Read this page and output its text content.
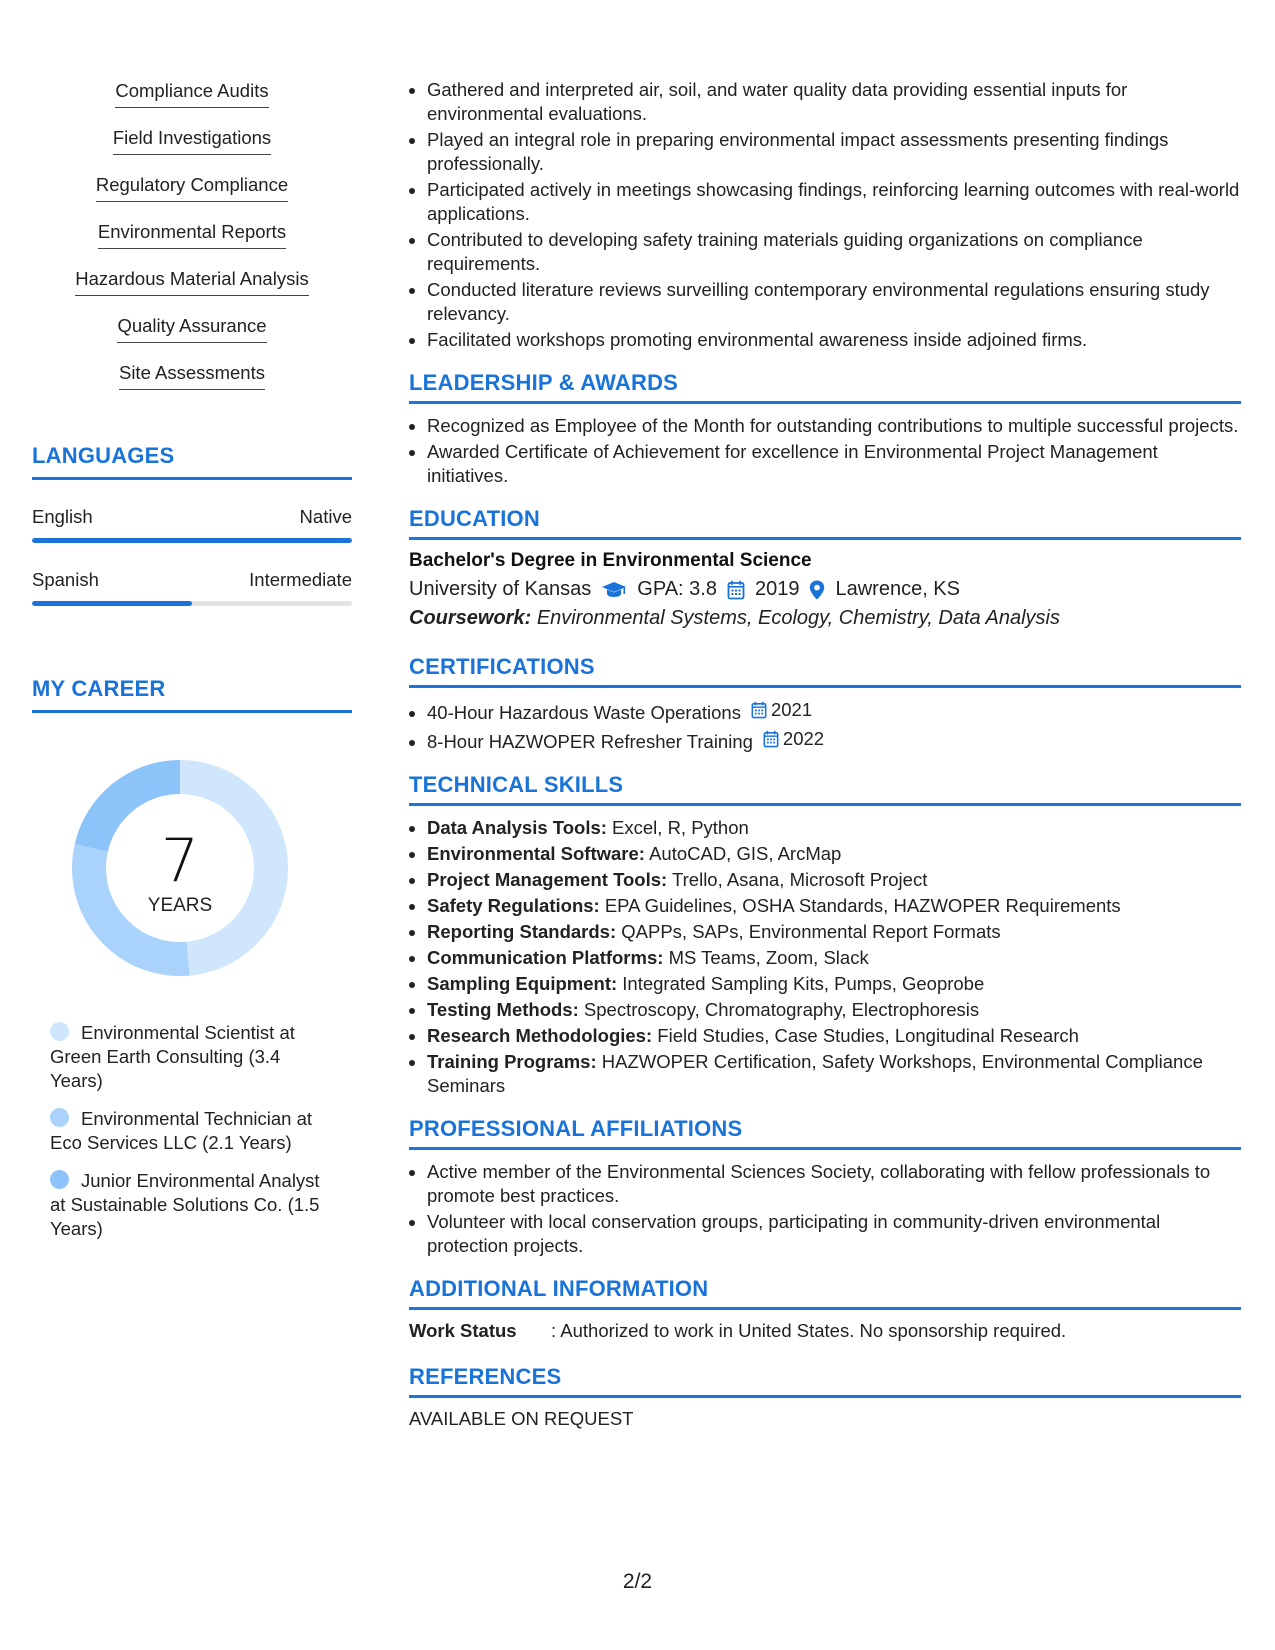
Compliance Audits
Field Investigations
Regulatory Compliance
Environmental Reports
Hazardous Material Analysis
Quality Assurance
Site Assessments
LANGUAGES
English	Native
Spanish	Intermediate
MY CAREER
7
YEARS
Environmental Scientist at Green Earth Consulting (3.4 Years)
Environmental Technician at Eco Services LLC (2.1 Years)
Junior Environmental Analyst at Sustainable Solutions Co. (1.5 Years)
• Gathered and interpreted air, soil, and water quality data providing essential inputs for environmental evaluations.
• Played an integral role in preparing environmental impact assessments presenting findings professionally.
• Participated actively in meetings showcasing findings, reinforcing learning outcomes with real-world applications.
• Contributed to developing safety training materials guiding organizations on compliance requirements.
• Conducted literature reviews surveilling contemporary environmental regulations ensuring study relevancy.
• Facilitated workshops promoting environmental awareness inside adjoined firms.
LEADERSHIP & AWARDS
• Recognized as Employee of the Month for outstanding contributions to multiple successful projects.
• Awarded Certificate of Achievement for excellence in Environmental Project Management initiatives.
EDUCATION
Bachelor's Degree in Environmental Science
University of Kansas GPA: 3.8 2019 Lawrence, KS
Coursework: Environmental Systems, Ecology, Chemistry, Data Analysis
CERTIFICATIONS
• 40-Hour Hazardous Waste Operations 2021
• 8-Hour HAZWOPER Refresher Training 2022
TECHNICAL SKILLS
• Data Analysis Tools: Excel, R, Python
• Environmental Software: AutoCAD, GIS, ArcMap
• Project Management Tools: Trello, Asana, Microsoft Project
• Safety Regulations: EPA Guidelines, OSHA Standards, HAZWOPER Requirements
• Reporting Standards: QAPPs, SAPs, Environmental Report Formats
• Communication Platforms: MS Teams, Zoom, Slack
• Sampling Equipment: Integrated Sampling Kits, Pumps, Geoprobe
• Testing Methods: Spectroscopy, Chromatography, Electrophoresis
• Research Methodologies: Field Studies, Case Studies, Longitudinal Research
• Training Programs: HAZWOPER Certification, Safety Workshops, Environmental Compliance Seminars
PROFESSIONAL AFFILIATIONS
• Active member of the Environmental Sciences Society, collaborating with fellow professionals to promote best practices.
• Volunteer with local conservation groups, participating in community-driven environmental protection projects.
ADDITIONAL INFORMATION
Work Status	: Authorized to work in United States. No sponsorship required.
REFERENCES
AVAILABLE ON REQUEST
2/2
